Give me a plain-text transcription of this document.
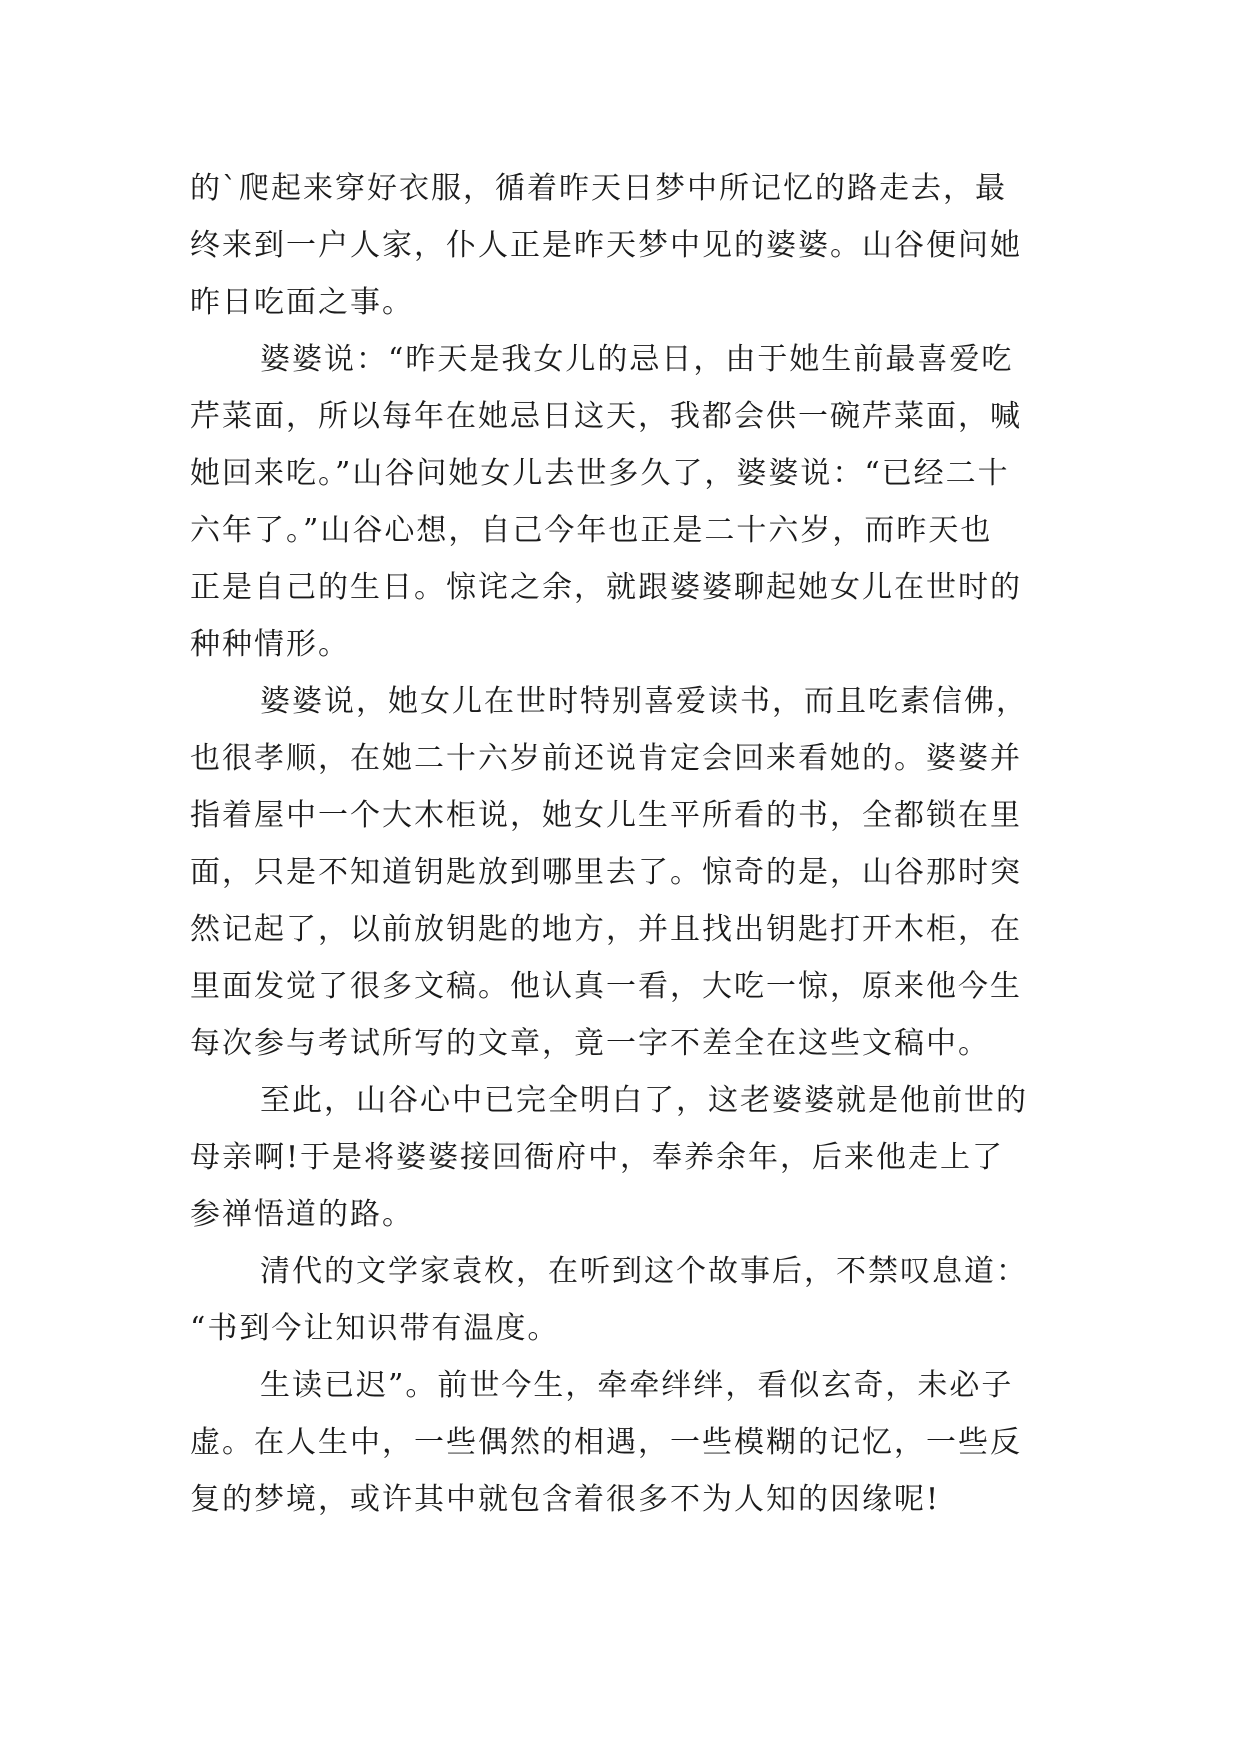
的`爬起来穿好衣服，循着昨天日梦中所记忆的路走去，最
终来到一户人家，仆人正是昨天梦中见的婆婆。山谷便问她
昨日吃面之事。
婆婆说：“昨天是我女儿的忌日，由于她生前最喜爱吃
芹菜面，所以每年在她忌日这天，我都会供一碗芹菜面，喊
她回来吃。”山谷问她女儿去世多久了，婆婆说：“已经二十
六年了。”山谷心想，自己今年也正是二十六岁，而昨天也
正是自己的生日。惊诧之余，就跟婆婆聊起她女儿在世时的
种种情形。
婆婆说，她女儿在世时特别喜爱读书，而且吃素信佛，
也很孝顺，在她二十六岁前还说肯定会回来看她的。婆婆并
指着屋中一个大木柜说，她女儿生平所看的书，全都锁在里
面，只是不知道钥匙放到哪里去了。惊奇的是，山谷那时突
然记起了，以前放钥匙的地方，并且找出钥匙打开木柜，在
里面发觉了很多文稿。他认真一看，大吃一惊，原来他今生
每次参与考试所写的文章，竟一字不差全在这些文稿中。
至此，山谷心中已完全明白了，这老婆婆就是他前世的
母亲啊!于是将婆婆接回衙府中，奉养余年，后来他走上了
参禅悟道的路。
清代的文学家袁枚，在听到这个故事后，不禁叹息道：
“书到今让知识带有温度。
生读已迟”。前世今生，牵牵绊绊，看似玄奇，未必子
虚。在人生中，一些偶然的相遇，一些模糊的记忆，一些反
复的梦境，或许其中就包含着很多不为人知的因缘呢!
